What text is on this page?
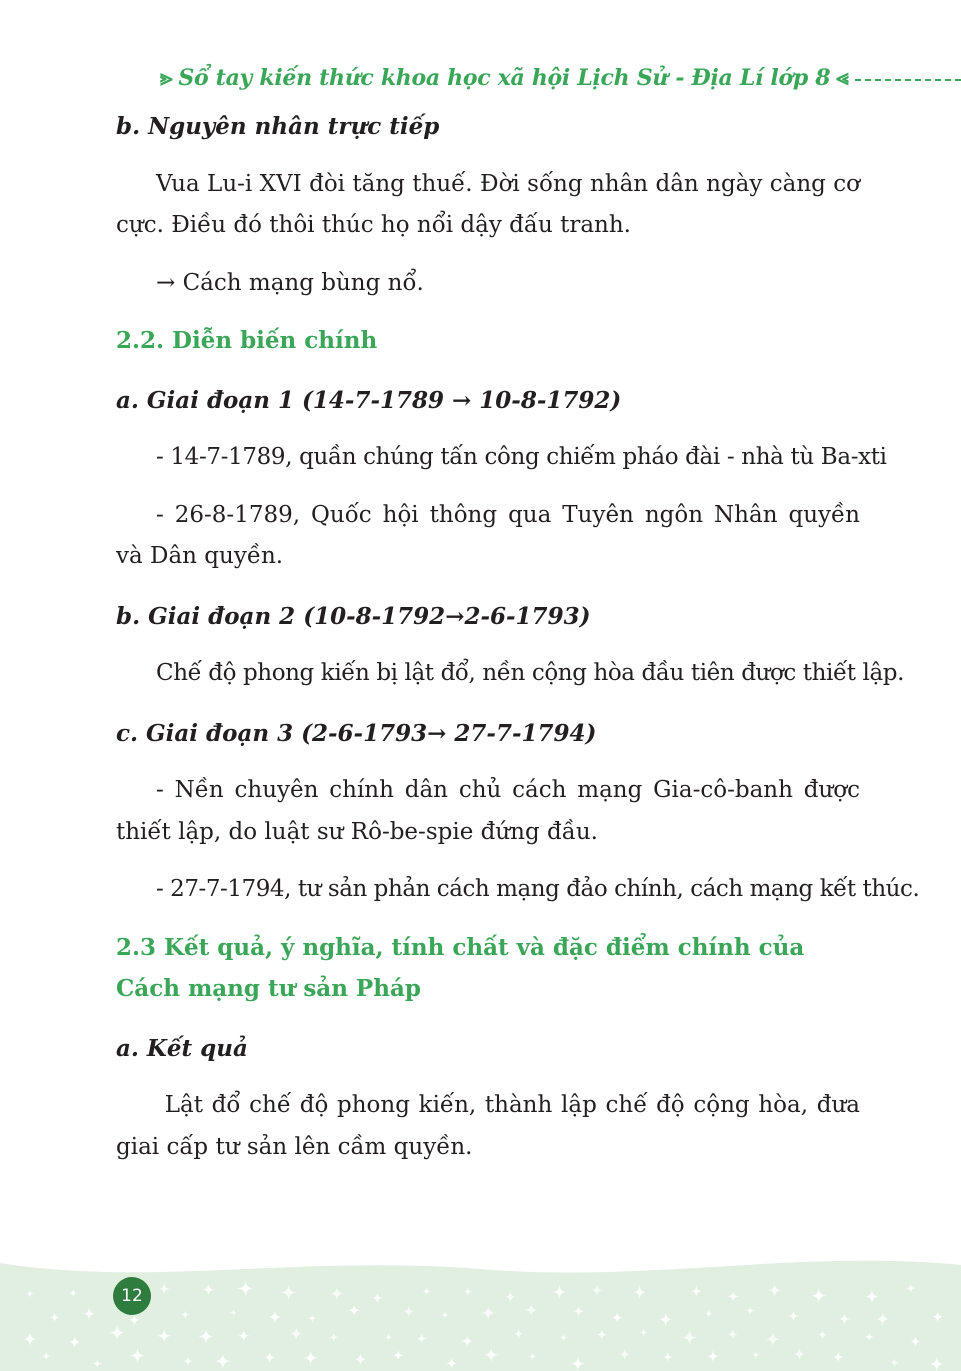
⪢ Sổ tay kiến thức khoa học xã hội Lịch Sử - Địa Lí lớp 8 ⪡

b. Nguyên nhân trực tiếp

Vua Lu-i XVI đòi tăng thuế. Đời sống nhân dân ngày càng cơ cực. Điều đó thôi thúc họ nổi dậy đấu tranh.

→ Cách mạng bùng nổ.

2.2. Diễn biến chính

a. Giai đoạn 1 (14-7-1789 → 10-8-1792)

- 14-7-1789, quần chúng tấn công chiếm pháo đài - nhà tù Ba-xti

- 26-8-1789, Quốc hội thông qua Tuyên ngôn Nhân quyền và Dân quyền.

b. Giai đoạn 2 (10-8-1792→2-6-1793)

Chế độ phong kiến bị lật đổ, nền cộng hòa đầu tiên được thiết lập.

c. Giai đoạn 3 (2-6-1793→ 27-7-1794)

- Nền chuyên chính dân chủ cách mạng Gia-cô-banh được thiết lập, do luật sư Rô-be-spie đứng đầu.

- 27-7-1794, tư sản phản cách mạng đảo chính, cách mạng kết thúc.

2.3 Kết quả, ý nghĩa, tính chất và đặc điểm chính của Cách mạng tư sản Pháp

a. Kết quả

Lật đổ chế độ phong kiến, thành lập chế độ cộng hòa, đưa giai cấp tư sản lên cầm quyền.

12
